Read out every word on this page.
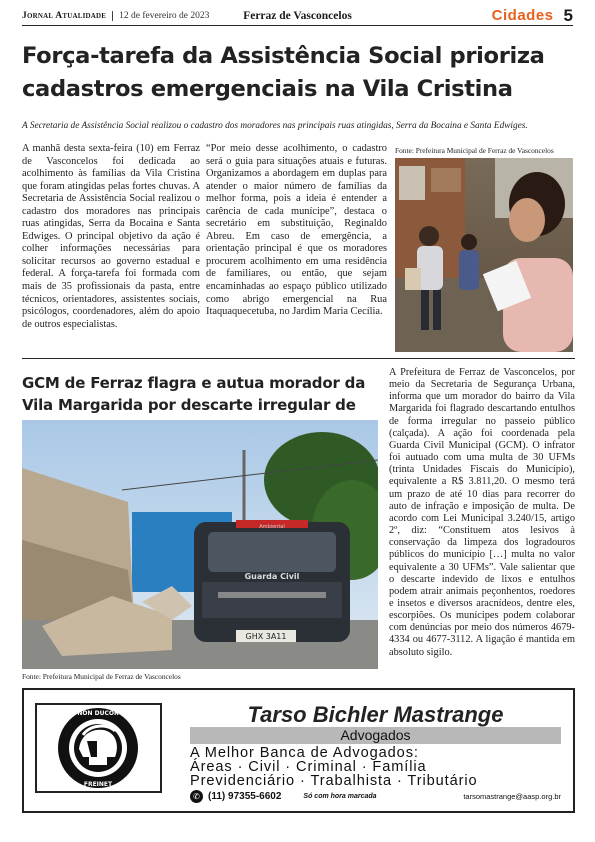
Jornal Atualidade	12 de fevereiro de 2023	Ferraz de Vasconcelos	Cidades 5
Força-tarefa da Assistência Social prioriza cadastros emergenciais na Vila Cristina

A Secretaria de Assistência Social realizou o cadastro dos moradores nas principais ruas atingidas, Serra da Bocaina e Santa Edwiges.

A manhã desta sexta-feira (10) em Ferraz de Vasconcelos foi dedicada ao acolhimento às famílias da Vila Cristina que foram atingidas pelas fortes chuvas. A Secretaria de Assistência Social realizou o cadastro dos moradores nas principais ruas atingidas, Serra da Bocaina e Santa Edwiges. O principal objetivo da ação é colher informações necessárias para solicitar recursos ao governo estadual e federal. A força-tarefa foi formada com mais de 35 profissionais da pasta, entre técnicos, orientadores, assistentes sociais, psicólogos, coordenadores, além do apoio de outros especialistas.

“Por meio desse acolhimento, o cadastro será o guia para situações atuais e futuras. Organizamos a abordagem em duplas para atender o maior número de famílias da melhor forma, pois a ideia é entender a carência de cada munícipe”, destaca o secretário em substituição, Reginaldo Abreu. Em caso de emergência, a orientação principal é que os moradores procurem acolhimento em uma residência de familiares, ou então, que sejam encaminhadas ao espaço público utilizado como abrigo emergencial na Rua Itaquaquecetuba, no Jardim Maria Cecília.

Fonte: Prefeitura Municipal de Ferraz de Vasconcelos
GCM de Ferraz flagra e autua morador da Vila Margarida por descarte irregular de
GHX 3A11
Guarda Civil
Ambiental
Fonte: Prefeitura Municipal de Ferraz de Vasconcelos

A Prefeitura de Ferraz de Vasconcelos, por meio da Secretaria de Segurança Urbana, informa que um morador do bairro da Vila Margarida foi flagrado descartando entulhos de forma irregular no passeio público (calçada). A ação foi coordenada pela Guarda Civil Municipal (GCM). O infrator foi autuado com uma multa de 30 UFMs (trinta Unidades Fiscais do Município), equivalente a R$ 3.811,20. O mesmo terá um prazo de até 10 dias para recorrer do auto de infração e imposição de multa. De acordo com Lei Municipal 3.240/15, artigo 2º, diz: “Constituem atos lesivos à conservação da limpeza dos logradouros públicos do município […] multa no valor equivalente a 30 UFMs”. Vale salientar que o descarte indevido de lixos e entulhos podem atrair animais peçonhentos, roedores e insetos e diversos aracnídeos, dentre eles, escorpiões. Os munícipes podem colaborar com denúncias por meio dos números 4679-4334 ou 4677-3112. A ligação é mantida em absoluto sigilo.

NON DUCOR
FREINET
Tarso Bichler Mastrange
Advogados
A Melhor Banca de Advogados:
Áreas · Civil · Criminal · Família
Previdenciário · Trabalhista · Tributário
✆ (11) 97355-6602	Só com hora marcada	tarsomastrange@aasp.org.br
